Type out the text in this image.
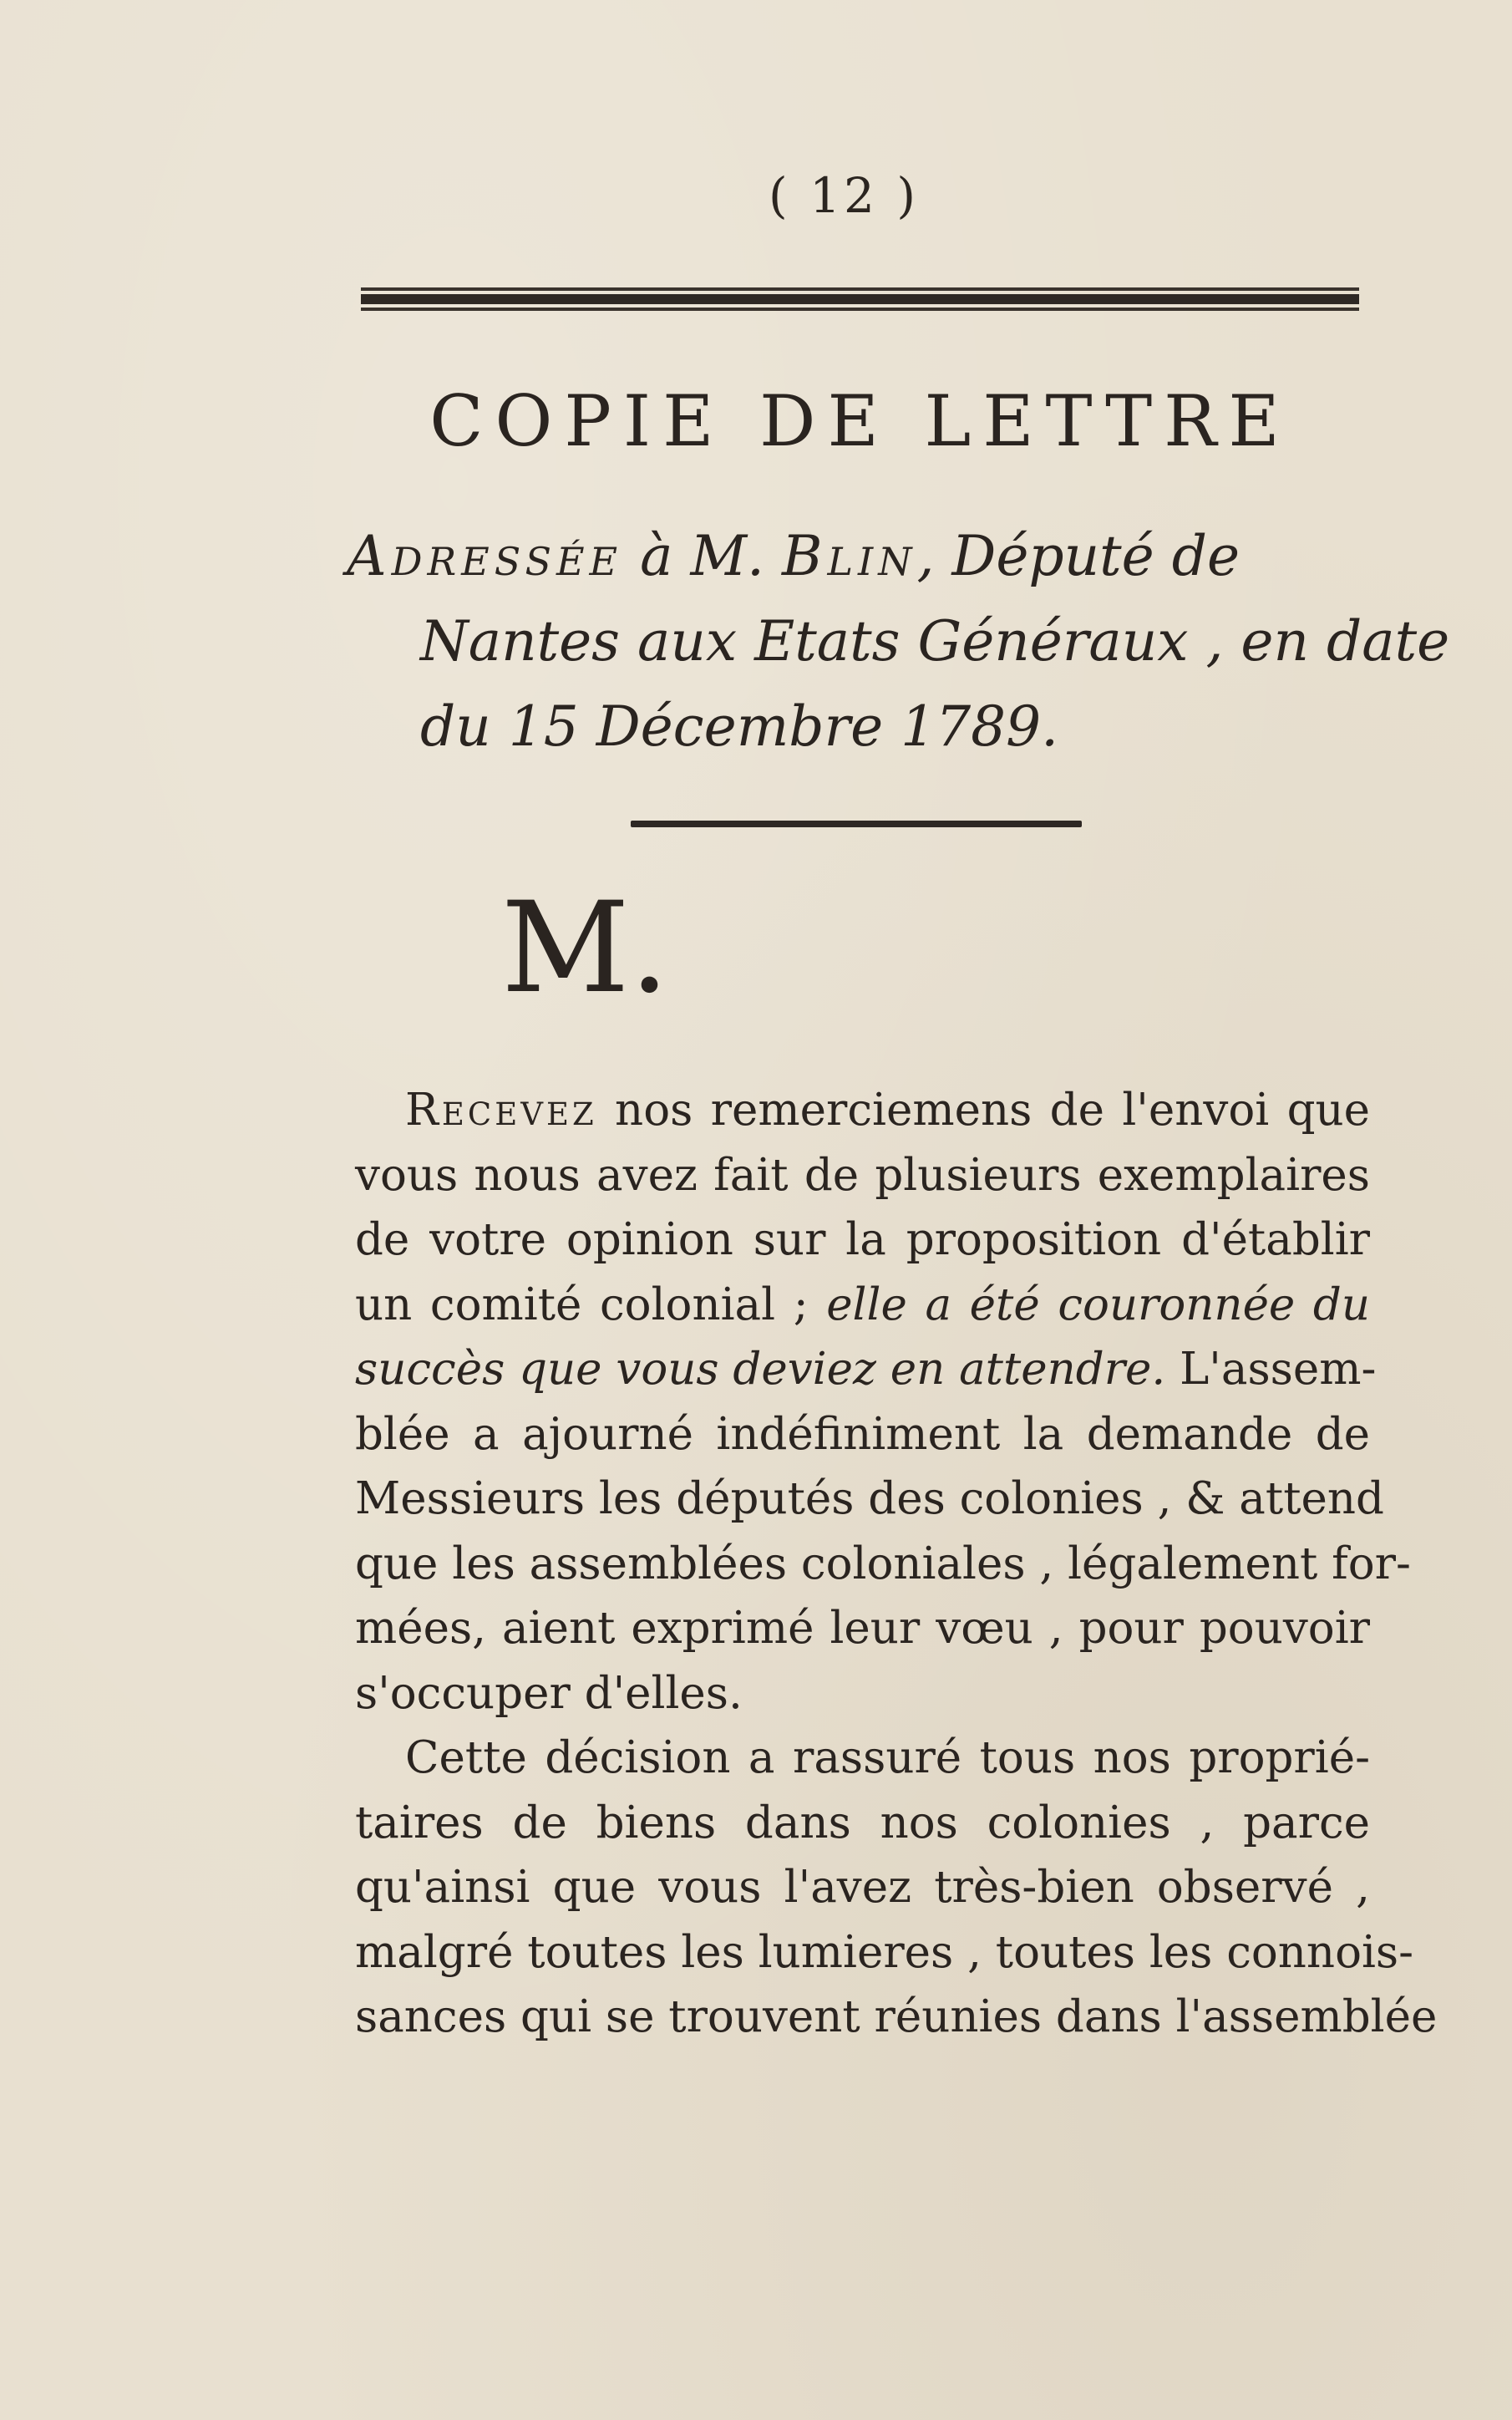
( 12 )
COPIE DE LETTRE
Adressée à M. Blin, Député de
Nantes aux Etats Généraux , en date
du 15 Décembre 1789.
M.

Recevez nos remerciemens de l'envoi que
vous nous avez fait de plusieurs exemplaires
de votre opinion sur la proposition d'établir
un comité colonial ; elle a été couronnée du
succès que vous deviez en attendre. L'assem-
blée a ajourné indéfiniment la demande de
Messieurs les députés des colonies , & attend
que les assemblées coloniales , légalement for-
mées, aient exprimé leur vœu , pour pouvoir
s'occuper d'elles.

Cette décision a rassuré tous nos proprié-
taires de biens dans nos colonies , parce
qu'ainsi que vous l'avez très-bien observé ,
malgré toutes les lumieres , toutes les connois-
sances qui se trouvent réunies dans l'assemblée
